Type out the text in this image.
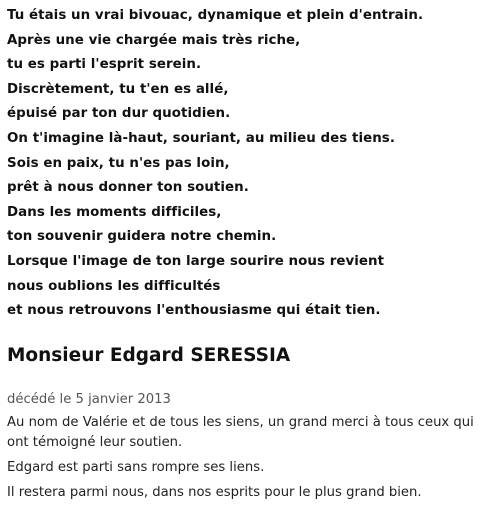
Tu étais un vrai bivouac, dynamique et plein d'entrain.
Après une vie chargée mais très riche,
tu es parti l'esprit serein.
Discrètement, tu t'en es allé,
épuisé par ton dur quotidien.
On t'imagine là-haut, souriant, au milieu des tiens.
Sois en paix, tu n'es pas loin,
prêt à nous donner ton soutien.
Dans les moments difficiles,
ton souvenir guidera notre chemin.
Lorsque l'image de ton large sourire nous revient
nous oublions les difficultés
et nous retrouvons l'enthousiasme qui était tien.
Monsieur Edgard SERESSIA

décédé le 5 janvier 2013

Au nom de Valérie et de tous les siens, un grand merci à tous ceux qui ont témoigné leur soutien.

Edgard est parti sans rompre ses liens.

Il restera parmi nous, dans nos esprits pour le plus grand bien.
